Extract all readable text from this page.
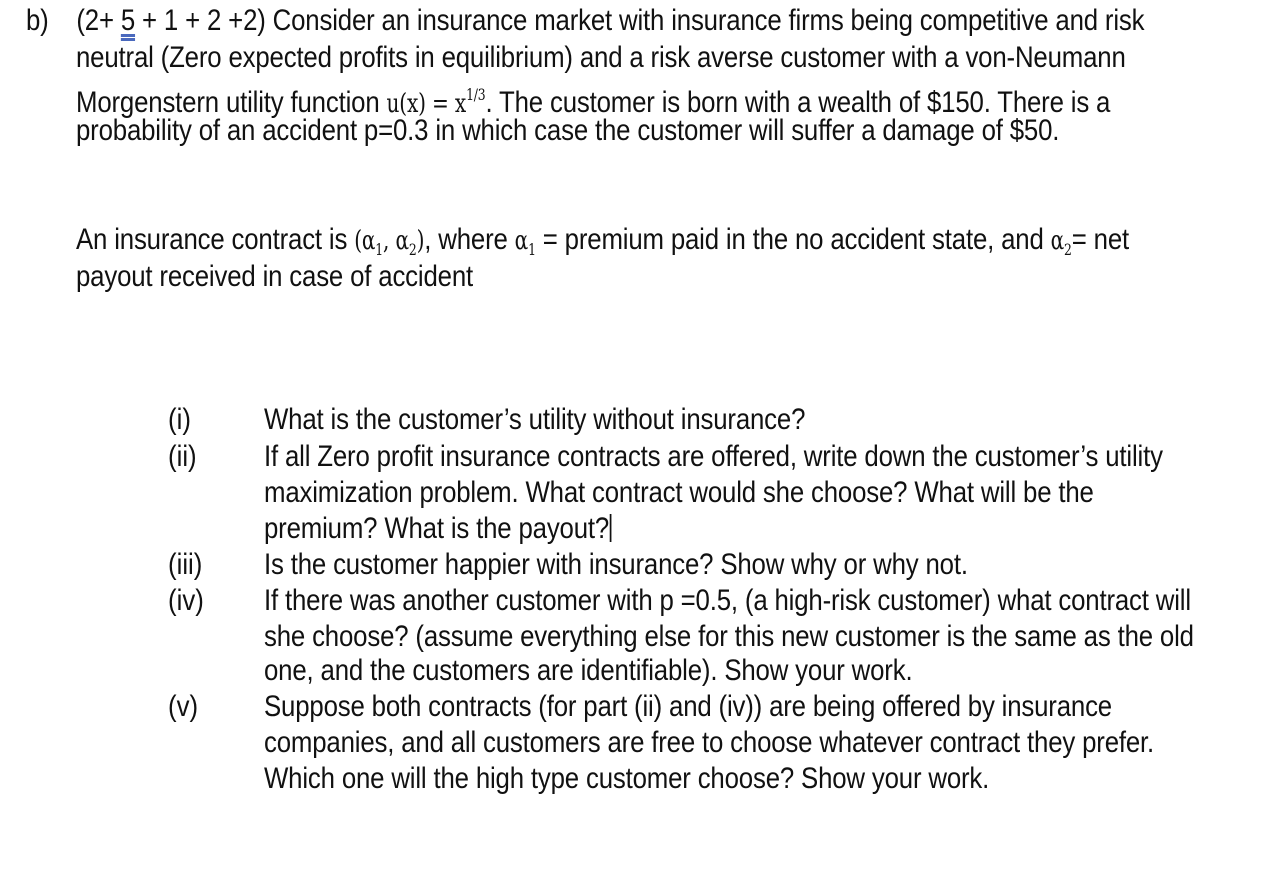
b) (2+ 5 + 1 + 2 +2) Consider an insurance market with insurance firms being competitive and risk
neutral (Zero expected profits in equilibrium) and a risk averse customer with a von-Neumann
Morgenstern utility function $u(x) = x^{1/3}$. The customer is born with a wealth of $150. There is a
probability of an accident p=0.3 in which case the customer will suffer a damage of $50.
An insurance contract is ($\alpha_1$, $\alpha_2$), where $\alpha_1$ = premium paid in the no accident state, and $\alpha_2=$ net
payout received in case of accident
(i) What is the customer’s utility without insurance?
(ii) If all Zero profit insurance contracts are offered, write down the customer’s utility
maximization problem. What contract would she choose? What will be the
premium? What is the payout?
(iii) Is the customer happier with insurance? Show why or why not.
(iv) If there was another customer with p =0.5, (a high-risk customer) what contract will
she choose? (assume everything else for this new customer is the same as the old
one, and the customers are identifiable). Show your work.
(v) Suppose both contracts (for part (ii) and (iv)) are being offered by insurance
companies, and all customers are free to choose whatever contract they prefer.
Which one will the high type customer choose? Show your work.
